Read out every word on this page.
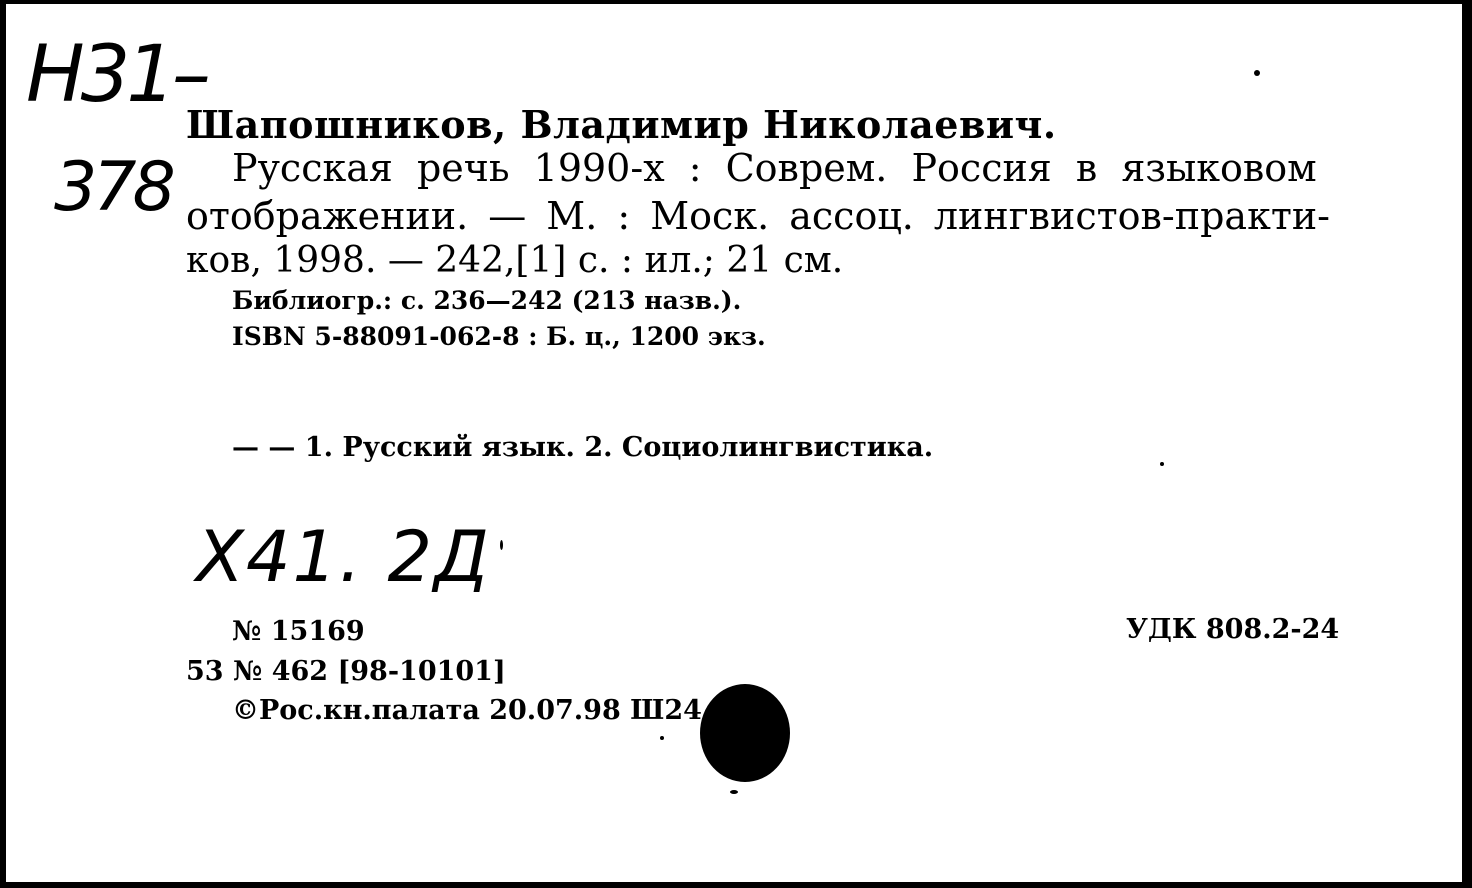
Н31–
378
Шапошников, Владимир Николаевич.
Русская речь 1990-х : Соврем. Россия в языковом
отображении. — М. : Моск. ассоц. лингвистов-практи-
ков, 1998. — 242,[1] с. : ил.; 21 см.
Библиогр.: с. 236—242 (213 назв.).
ISBN 5-88091-062-8 : Б. ц., 1200 экз.
— — 1. Русский язык. 2. Социолингвистика.
Х41. 2Д
№ 15169
53 № 462 [98-10101]
©Рос.кн.палата 20.07.98 Ш24
УДК 808.2-24
